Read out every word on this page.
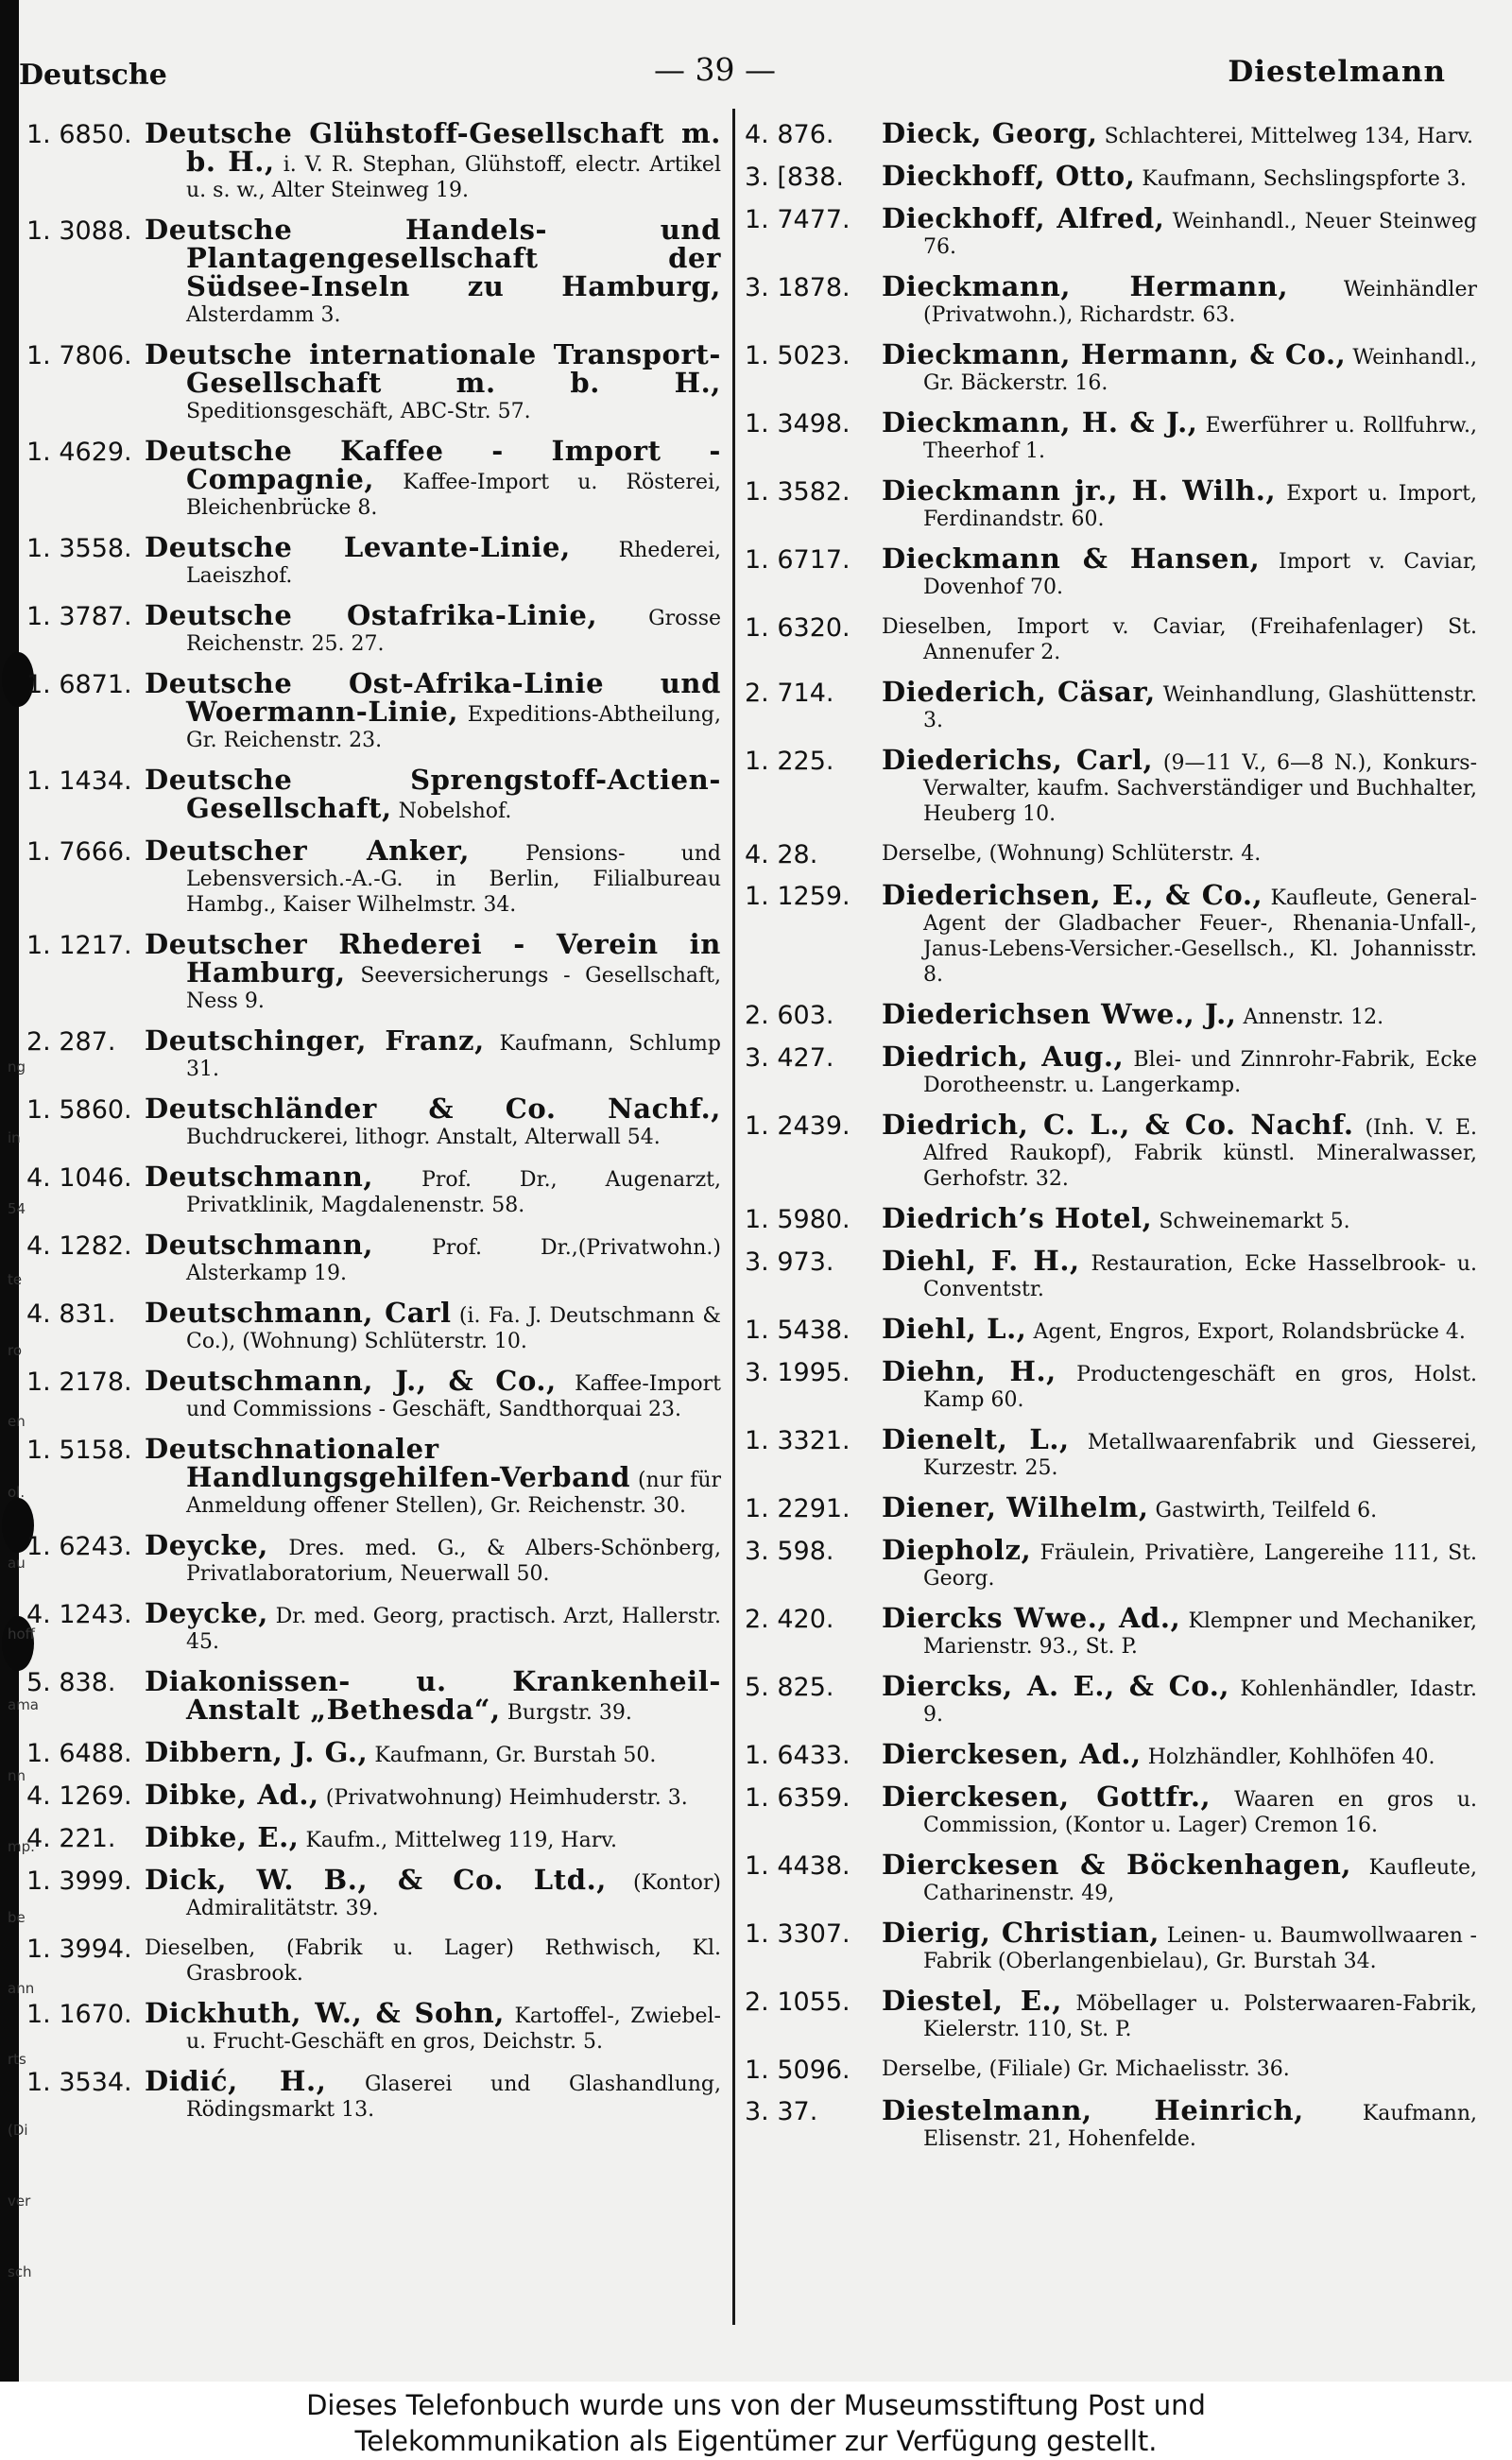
ng
in
54
te
ro
en
ol.
au
hoff
ama
nn
mp.
be
ann
rts
(Di
ver
sch
Deutsche	— 39 —	Diestelmann
1. 6850. Deutsche Glühstoff-Gesellschaft m. b. H., i. V. R. Stephan, Glühstoff, electr. Artikel u. s. w., Alter Steinweg 19.
1. 3088. Deutsche Handels- und Plantagengesellschaft der Südsee-Inseln zu Hamburg, Alsterdamm 3.
1. 7806. Deutsche internationale Transport-Gesellschaft m. b. H., Speditionsgeschäft, ABC-Str. 57.
1. 4629. Deutsche Kaffee - Import - Compagnie, Kaffee-Import u. Rösterei, Bleichenbrücke 8.
1. 3558. Deutsche Levante-Linie, Rhederei, Laeiszhof.
1. 3787. Deutsche Ostafrika-Linie, Grosse Reichenstr. 25. 27.
1. 6871. Deutsche Ost-Afrika-Linie und Woermann-Linie, Expeditions-Abtheilung, Gr. Reichenstr. 23.
1. 1434. Deutsche Sprengstoff-Actien-Gesellschaft, Nobelshof.
1. 7666. Deutscher Anker,	Pensions- und Lebensversich.-A.-G. in Berlin, Filialbureau Hambg., Kaiser Wilhelmstr. 34.
1. 1217. Deutscher Rhederei - Verein in Hamburg, Seeversicherungs - Gesellschaft, Ness 9.
2. 287.	Deutschinger, Franz, Kaufmann, Schlump 31.
1. 5860. Deutschländer & Co. Nachf., Buchdruckerei, lithogr. Anstalt, Alterwall 54.
4. 1046. Deutschmann, Prof. Dr., Augenarzt, Privatklinik, Magdalenenstr. 58.
4. 1282. Deutschmann,	Prof. Dr.,(Privatwohn.) Alsterkamp 19.
4. 831.	Deutschmann, Carl (i. Fa. J. Deutschmann & Co.), (Wohnung) Schlüterstr. 10.
1. 2178. Deutschmann, J., & Co., Kaffee-Import und Commissions - Geschäft, Sandthorquai 23.
1. 5158. Deutschnationaler Handlungsgehilfen-Verband (nur für Anmeldung offener Stellen), Gr. Reichenstr. 30.
1. 6243. Deycke, Dres. med. G., & Albers-Schönberg, Privatlaboratorium, Neuerwall 50.
4. 1243. Deycke, Dr. med. Georg, practisch. Arzt, Hallerstr. 45.
5. 838.	Diakonissen- u. Krankenheil-Anstalt „Bethesda“, Burgstr. 39.
1. 6488. Dibbern, J. G., Kaufmann, Gr. Burstah 50.
4. 1269. Dibke, Ad., (Privatwohnung) Heimhuderstr. 3.
4. 221.	Dibke, E., Kaufm., Mittelweg 119, Harv.
1. 3999. Dick, W. B., & Co. Ltd., (Kontor) Admiralitätstr. 39.
1. 3994. Dieselben, (Fabrik u. Lager) Rethwisch, Kl. Grasbrook.
1. 1670. Dickhuth, W., & Sohn, Kartoffel-, Zwiebel- u. Frucht-Geschäft en gros, Deichstr. 5.
1. 3534. Didić, H., Glaserei und Glashandlung, Rödingsmarkt 13.
4. 876.	Dieck, Georg, Schlachterei, Mittelweg 134, Harv.
3. [838.	Dieckhoff, Otto, Kaufmann, Sechslingspforte 3.
1. 7477.	Dieckhoff, Alfred, Weinhandl., Neuer Steinweg 76.
3. 1878.	Dieckmann, Hermann,	Weinhändler (Privatwohn.), Richardstr. 63.
1. 5023.	Dieckmann, Hermann, & Co., Weinhandl., Gr. Bäckerstr. 16.
1. 3498.	Dieckmann, H. & J., Ewerführer u. Rollfuhrw., Theerhof 1.
1. 3582.	Dieckmann jr., H. Wilh., Export u. Import, Ferdinandstr. 60.
1. 6717.	Dieckmann & Hansen, Import v. Caviar, Dovenhof 70.
1. 6320.	Dieselben, Import v. Caviar, (Freihafenlager) St. Annenufer 2.
2. 714.	Diederich, Cäsar, Weinhandlung, Glashüttenstr. 3.
1. 225.	Diederichs, Carl, (9—11 V., 6—8 N.), Konkurs-Verwalter, kaufm. Sachverständiger und Buchhalter, Heuberg 10.
4. 28.	Derselbe, (Wohnung) Schlüterstr. 4.
1. 1259.	Diederichsen, E., & Co., Kaufleute, General-Agent der Gladbacher Feuer-, Rhenania-Unfall-, Janus-Lebens-Versicher.-Gesellsch., Kl. Johannisstr. 8.
2. 603.	Diederichsen Wwe., J., Annenstr. 12.
3. 427.	Diedrich, Aug., Blei- und Zinnrohr-Fabrik, Ecke Dorotheenstr. u. Langerkamp.
1. 2439.	Diedrich, C. L., & Co. Nachf. (Inh. V. E. Alfred Raukopf), Fabrik künstl. Mineralwasser, Gerhofstr. 32.
1. 5980.	Diedrich’s Hotel, Schweinemarkt 5.
3. 973.	Diehl, F. H., Restauration, Ecke Hasselbrook- u. Conventstr.
1. 5438.	Diehl, L., Agent, Engros, Export, Rolandsbrücke 4.
3. 1995.	Diehn, H., Productengeschäft en gros, Holst. Kamp 60.
1. 3321.	Dienelt, L., Metallwaarenfabrik und Giesserei, Kurzestr. 25.
1. 2291.	Diener, Wilhelm, Gastwirth, Teilfeld 6.
3. 598.	Diepholz, Fräulein, Privatière, Langereihe 111, St. Georg.
2. 420.	Diercks Wwe., Ad., Klempner und Mechaniker, Marienstr. 93., St. P.
5. 825.	Diercks, A. E., & Co., Kohlenhändler, Idastr. 9.
1. 6433.	Dierckesen, Ad., Holzhändler, Kohlhöfen 40.
1. 6359.	Dierckesen, Gottfr., Waaren en gros u. Commission, (Kontor u. Lager) Cremon 16.
1. 4438.	Dierckesen & Böckenhagen, Kaufleute, Catharinenstr. 49,
1. 3307.	Dierig, Christian, Leinen- u. Baumwollwaaren - Fabrik (Oberlangenbielau), Gr. Burstah 34.
2. 1055.	Diestel, E., Möbellager u. Polsterwaaren-Fabrik, Kielerstr. 110, St. P.
1. 5096.	Derselbe, (Filiale) Gr. Michaelisstr. 36.
3. 37.	Diestelmann, Heinrich,	Kaufmann, Elisenstr. 21, Hohenfelde.
Dieses Telefonbuch wurde uns von der Museumsstiftung Post und
Telekommunikation als Eigentümer zur Verfügung gestellt.
